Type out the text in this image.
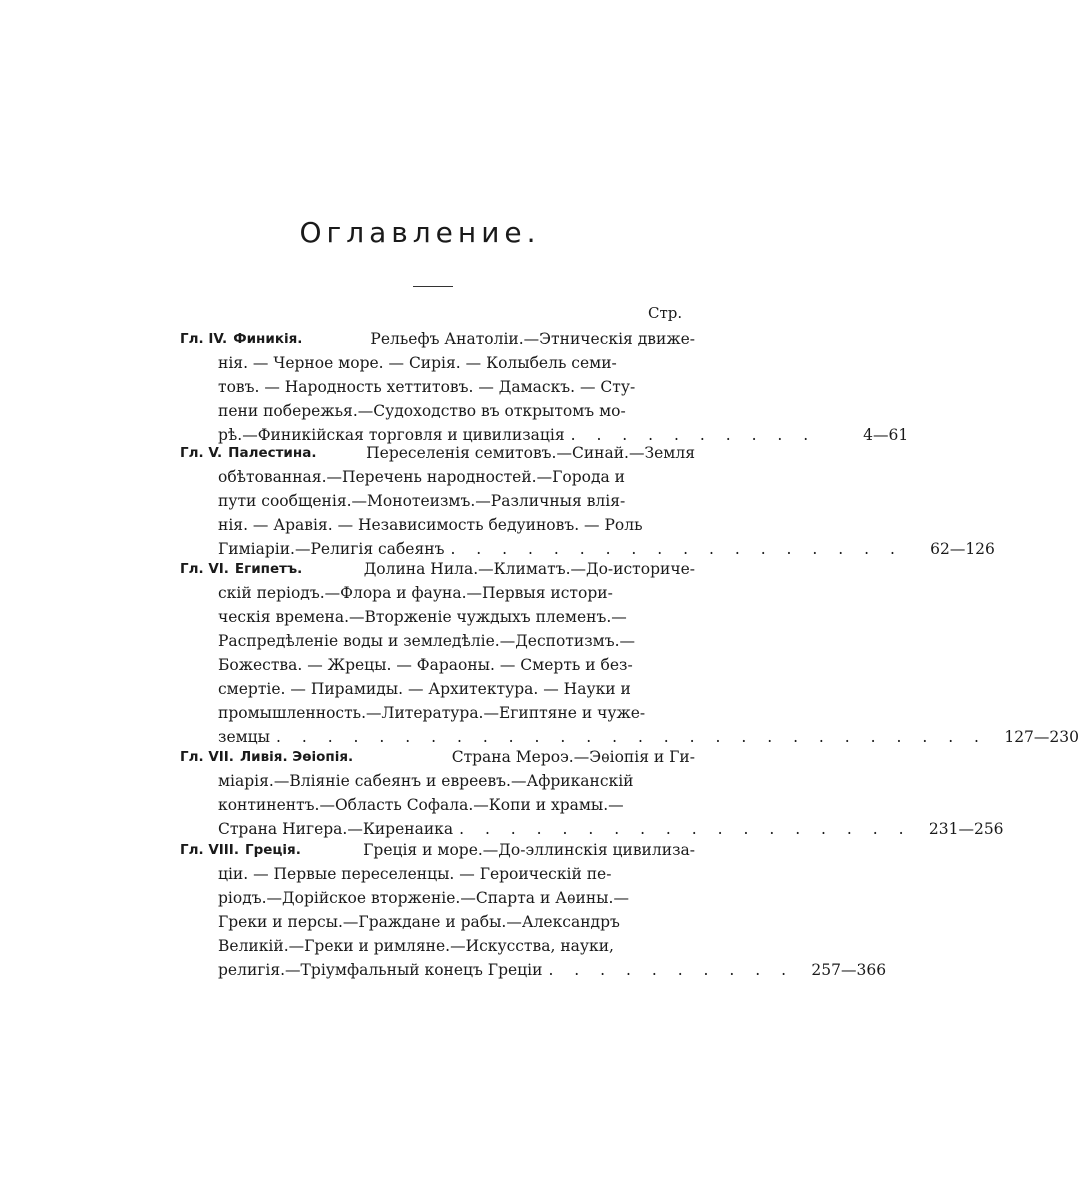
Оглавление.
Стр.
Гл. IV. Финикія.	Рельефъ Анатоліи.—Этническія движе-
нія. — Черное море. — Сирія. — Колыбель семи-
товъ. — Народность хеттитовъ. — Дамаскъ. — Сту-
пени побережья.—Судоходство въ открытомъ мо-
рѣ.—Финикійская торговля и цивилизація . . . . . . . . . .	4—61
Гл. V. Палестина.	Переселенія семитовъ.—Синай.—Земля
обѣтованная.—Перечень народностей.—Города и
пути сообщенія.—Монотеизмъ.—Различныя влія-
нія. — Аравія. — Независимость бедуиновъ. — Роль
Гимiаріи.—Религія сабеянъ . . . . . . . . . . . . . . . . . .	62—126
Гл. VI. Египетъ.	Долина Нила.—Климатъ.—До-историче-
скій періодъ.—Флора и фауна.—Первыя истори-
ческія времена.—Вторженіе чуждыхъ племенъ.—
Распредѣленіе воды и земледѣліе.—Деспотизмъ.—
Божества. — Жрецы. — Фараоны. — Смерть и без-
смертіе. — Пирамиды. — Архитектура. — Науки и
промышленность.—Литература.—Египтяне и чуже-
земцы . . . . . . . . . . . . . . . . . . . . . . . . . . . .	127—230
Гл. VII. Ливія. Эѳіопія.	Страна Мероэ.—Эѳіопія и Ги-
міарія.—Вліяніе сабеянъ и евреевъ.—Африканскій
континентъ.—Область Софала.—Копи и храмы.—
Страна Нигера.—Киренаика . . . . . . . . . . . . . . . . . .	231—256
Гл. VIII. Греція.	Греція и море.—До-эллинскія цивилиза-
ціи. — Первые переселенцы. — Героическій пе-
ріодъ.—Дорійское вторженіе.—Спарта и Аѳины.—
Греки и персы.—Граждане и рабы.—Александръ
Великій.—Греки и римляне.—Искусства, науки,
религія.—Тріумфальный конецъ Греціи . . . . . . . . . .	257—366
